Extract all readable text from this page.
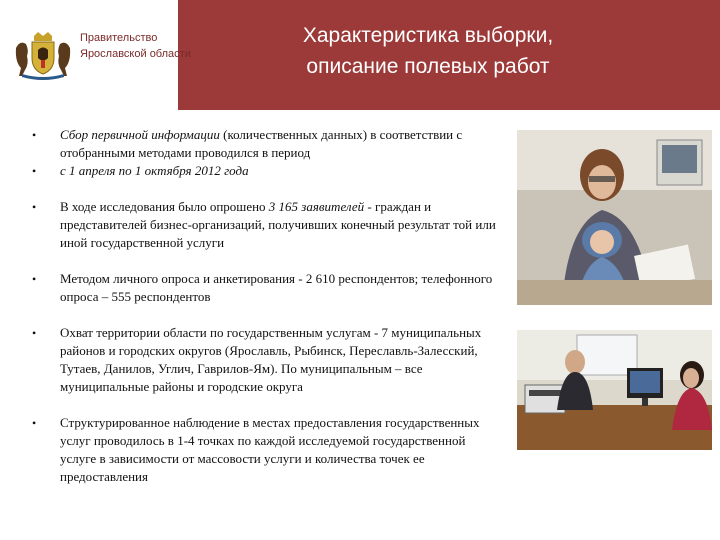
Правительство
Ярославской области
Характеристика выборки,
описание полевых работ
• Сбор первичной информации (количественных данных) в соответствии с отобранными методами проводился в период
• с 1 апреля по 1 октября 2012 года
• В ходе исследования было опрошено 3 165 заявителей - граждан и представителей бизнес-организаций, получивших конечный результат той или иной государственной услуги
• Методом личного опроса и анкетирования - 2 610 респондентов; телефонного опроса – 555 респондентов
• Охват территории области по государственным услугам - 7 муниципальных районов и городских округов (Ярославль, Рыбинск, Переславль-Залесский, Тутаев, Данилов, Углич, Гаврилов-Ям). По муниципальным – все муниципальные районы и городские округа
• Структурированное наблюдение в местах предоставления государственных услуг проводилось в 1-4 точках по каждой исследуемой государственной услуге в зависимости от массовости услуги и количества точек ее предоставления
